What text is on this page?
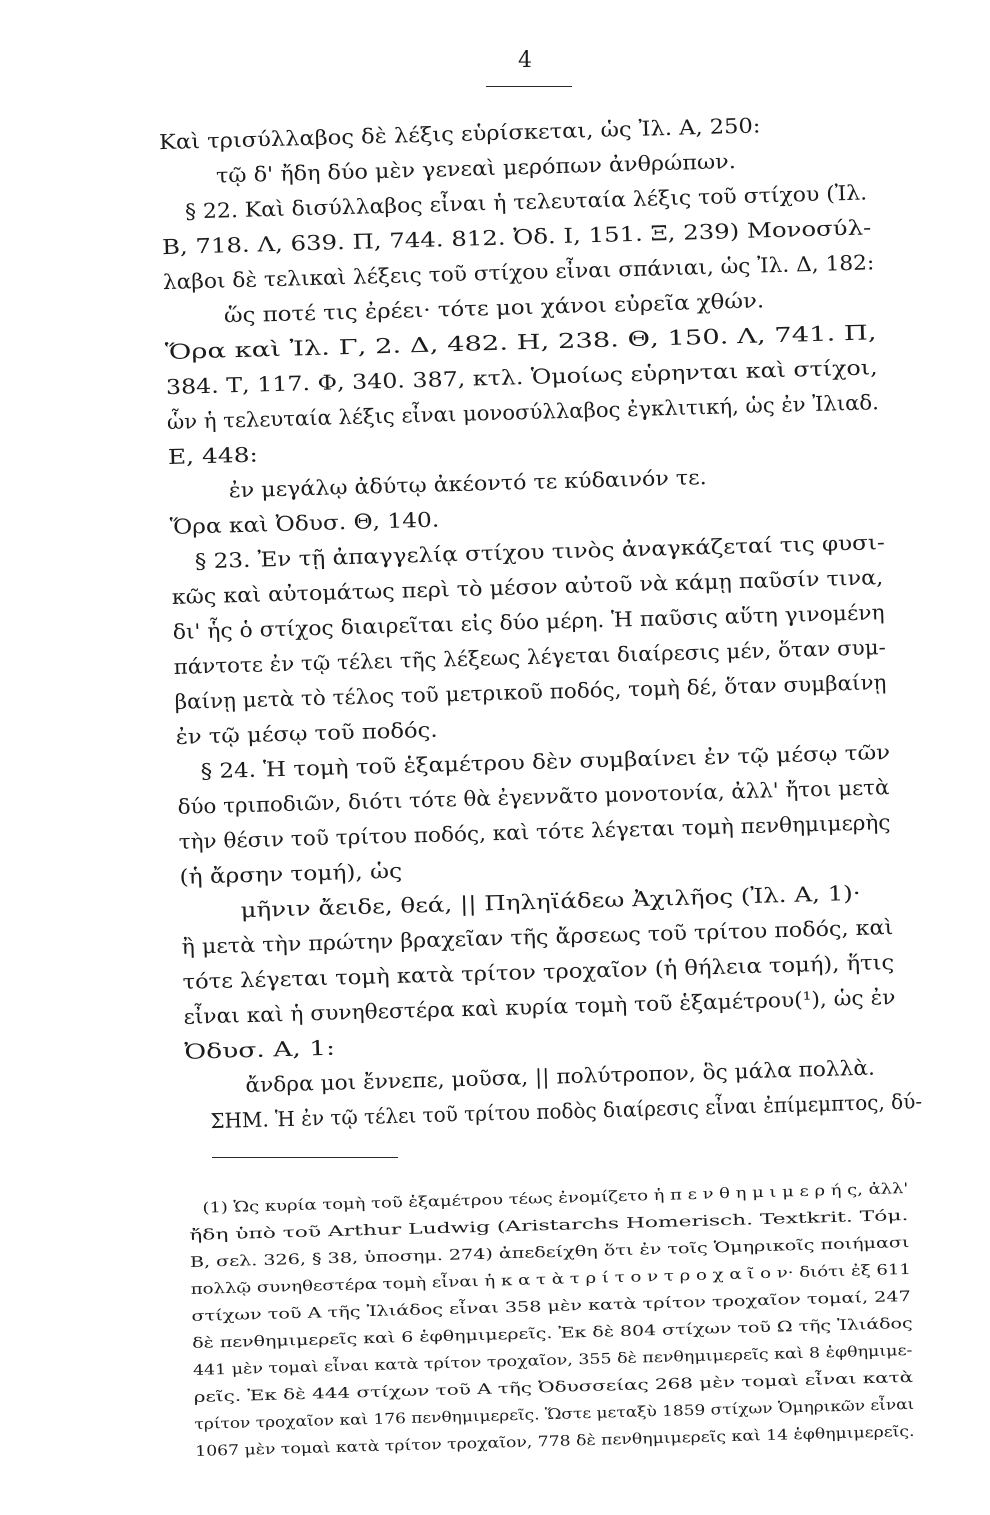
4
Καὶ τρισύλλαβος δὲ λέξις εὑρίσκεται, ὡς Ἰλ. Α, 250:
τῷ δ' ἤδη δύο μὲν γενεαὶ μερόπων ἀνθρώπων.
§ 22. Καὶ δισύλλαβος εἶναι ἡ τελευταία λέξις τοῦ στίχου (Ἰλ.
Β, 718. Λ, 639. Π, 744. 812. Ὀδ. Ι, 151. Ξ, 239) Μονοσύλ-
λαβοι δὲ τελικαὶ λέξεις τοῦ στίχου εἶναι σπάνιαι, ὡς Ἰλ. Δ, 182:
ὥς ποτέ τις ἐρέει· τότε μοι χάνοι εὐρεῖα χθών.
Ὅρα καὶ Ἰλ. Γ, 2. Δ, 482. Η, 238. Θ, 150. Λ, 741. Π,
384. Τ, 117. Φ, 340. 387, κτλ. Ὁμοίως εὑρηνται καὶ στίχοι,
ὧν ἡ τελευταία λέξις εἶναι μονοσύλλαβος ἐγκλιτική, ὡς ἐν Ἰλιαδ.
Ε, 448:
ἐν μεγάλῳ ἀδύτῳ ἀκέοντό τε κύδαινόν τε.
Ὅρα καὶ Ὀδυσ. Θ, 140.
§ 23. Ἐν τῇ ἀπαγγελίᾳ στίχου τινὸς ἀναγκάζεταί τις φυσι-
κῶς καὶ αὐτομάτως περὶ τὸ μέσον αὐτοῦ νὰ κάμῃ παῦσίν τινα,
δι' ἧς ὁ στίχος διαιρεῖται εἰς δύο μέρη. Ἡ παῦσις αὕτη γινομένη
πάντοτε ἐν τῷ τέλει τῆς λέξεως λέγεται διαίρεσις μέν, ὅταν συμ-
βαίνῃ μετὰ τὸ τέλος τοῦ μετρικοῦ ποδός, τομὴ δέ, ὅταν συμβαίνῃ
ἐν τῷ μέσῳ τοῦ ποδός.
§ 24. Ἡ τομὴ τοῦ ἑξαμέτρου δὲν συμβαίνει ἐν τῷ μέσῳ τῶν
δύο τριποδιῶν, διότι τότε θὰ ἐγεννᾶτο μονοτονία, ἀλλ' ἤτοι μετὰ
τὴν θέσιν τοῦ τρίτου ποδός, καὶ τότε λέγεται τομὴ πενθημιμερὴς
(ἡ ἄρσην τομή), ὡς
μῆνιν ἄειδε, θεά, || Πηληϊάδεω Ἀχιλῆος (Ἰλ. Α, 1)·
ἢ μετὰ τὴν πρώτην βραχεῖαν τῆς ἄρσεως τοῦ τρίτου ποδός, καὶ
τότε λέγεται τομὴ κατὰ τρίτον τροχαῖον (ἡ θήλεια τομή), ἥτις
εἶναι καὶ ἡ συνηθεστέρα καὶ κυρία τομὴ τοῦ ἑξαμέτρου(¹), ὡς ἐν
Ὀδυσ. Α, 1:
ἄνδρα μοι ἔννεπε, μοῦσα, || πολύτροπον, ὃς μάλα πολλὰ.
ΣΗΜ. Ἡ ἐν τῷ τέλει τοῦ τρίτου ποδὸς διαίρεσις εἶναι ἐπίμεμπτος, δύ-
(1) Ὡς κυρία τομὴ τοῦ ἑξαμέτρου τέως ἐνομίζετο ἡ π ε ν θ η μ ι μ ε ρ ή ς, ἀλλ'
ἤδη ὑπὸ τοῦ Arthur Ludwig (Aristarchs Homerisch. Textkrit. Τόμ.
Β, σελ. 326, § 38, ὑποσημ. 274) ἀπεδείχθη ὅτι ἐν τοῖς Ὁμηρικοῖς ποιήμασι
πολλῷ συνηθεστέρα τομὴ εἶναι ἡ κ α τ ὰ τ ρ ί τ ο ν τ ρ ο χ α ῖ ο ν· διότι ἐξ 611
στίχων τοῦ Α τῆς Ἰλιάδος εἶναι 358 μὲν κατὰ τρίτον τροχαῖον τομαί, 247
δὲ πενθημιμερεῖς καὶ 6 ἑφθημιμερεῖς. Ἐκ δὲ 804 στίχων τοῦ Ω τῆς Ἰλιάδος
441 μὲν τομαὶ εἶναι κατὰ τρίτον τροχαῖον, 355 δὲ πενθημιμερεῖς καὶ 8 ἑφθημιμε-
ρεῖς. Ἐκ δὲ 444 στίχων τοῦ Α τῆς Ὀδυσσείας 268 μὲν τομαὶ εἶναι κατὰ
τρίτον τροχαῖον καὶ 176 πενθημιμερεῖς. Ὥστε μεταξὺ 1859 στίχων Ὁμηρικῶν εἶναι
1067 μὲν τομαὶ κατὰ τρίτον τροχαῖον, 778 δὲ πενθημιμερεῖς καὶ 14 ἑφθημιμερεῖς.
